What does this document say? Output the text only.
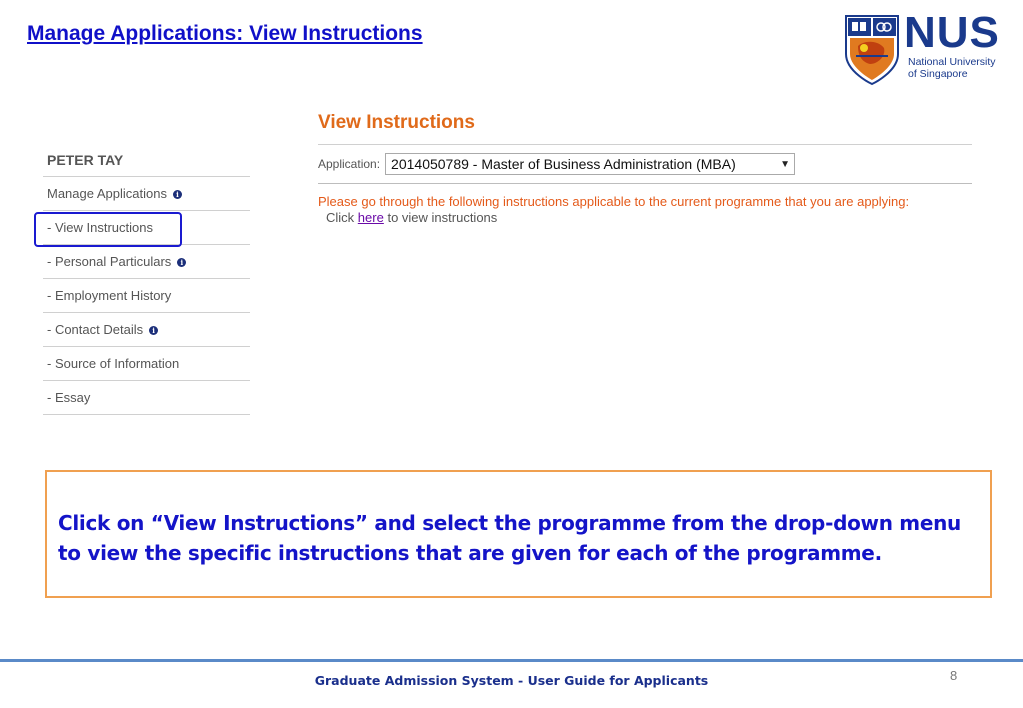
Manage Applications: View Instructions	NUS
National University
of Singapore
PETER TAY
Manage Applications i
- View Instructions
- Personal Particulars i
- Employment History
- Contact Details i
- Source of Information
- Essay
View Instructions
Application: 2014050789 - Master of Business Administration (MBA)	▼
Please go through the following instructions applicable to the current programme that you are applying:
Click here to view instructions
Click on “View Instructions” and select the programme from the drop-down menu to view the specific instructions that are given for each of the programme.
Graduate Admission System - User Guide for Applicants	8
